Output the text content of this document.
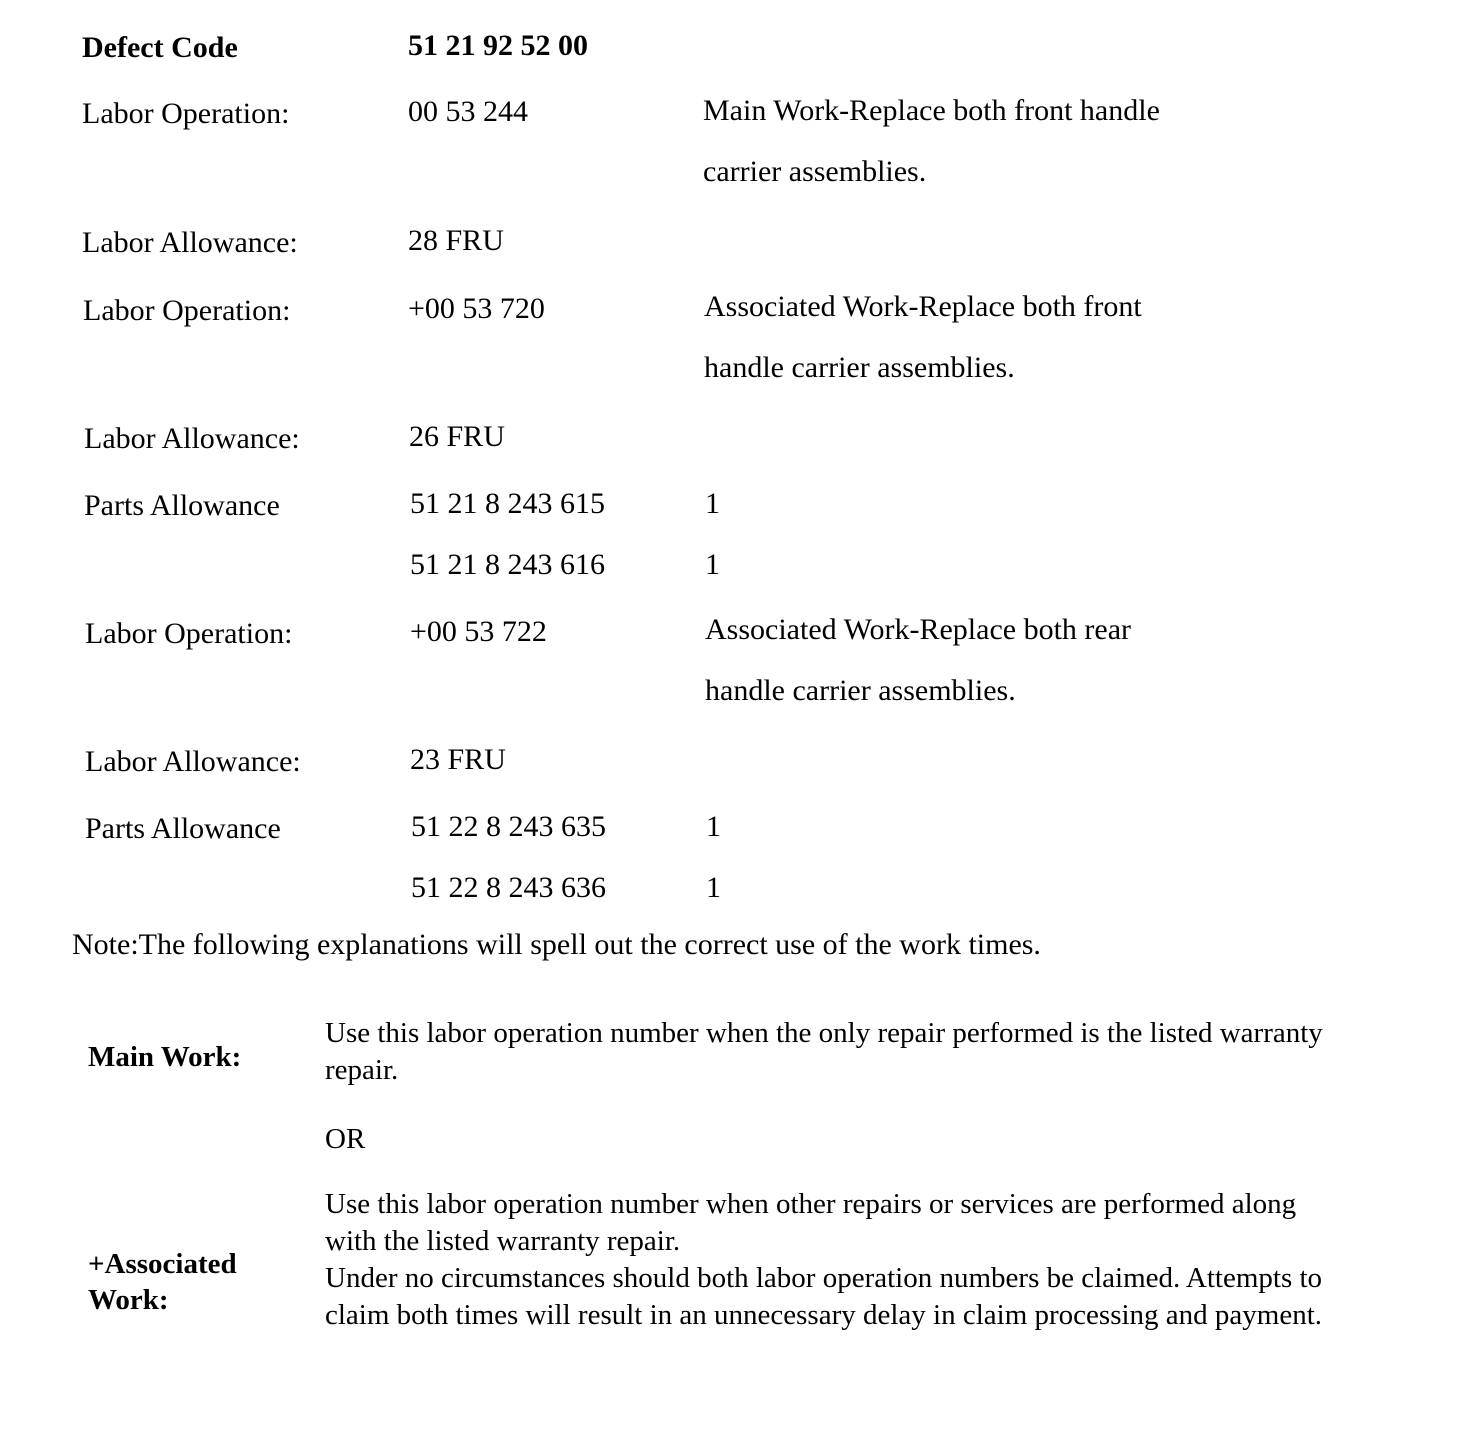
Defect Code	51 21 92 52 00
Labor Operation:	00 53 244	Main Work-Replace both front handle
carrier assemblies.
Labor Allowance:	28 FRU
Labor Operation:	+00 53 720	Associated Work-Replace both front
handle carrier assemblies.
Labor Allowance:	26 FRU
Parts Allowance	51 21 8 243 615	1
51 21 8 243 616	1
Labor Operation:	+00 53 722	Associated Work-Replace both rear
handle carrier assemblies.
Labor Allowance:	23 FRU
Parts Allowance	51 22 8 243 635	1
51 22 8 243 636	1
Note:The following explanations will spell out the correct use of the work times.
Main Work:
Use this labor operation number when the only repair performed is the listed warranty repair.
OR
+Associated
Work:
Use this labor operation number when other repairs or services are performed along with the listed warranty repair.
Under no circumstances should both labor operation numbers be claimed. Attempts to claim both times will result in an unnecessary delay in claim processing and payment.
